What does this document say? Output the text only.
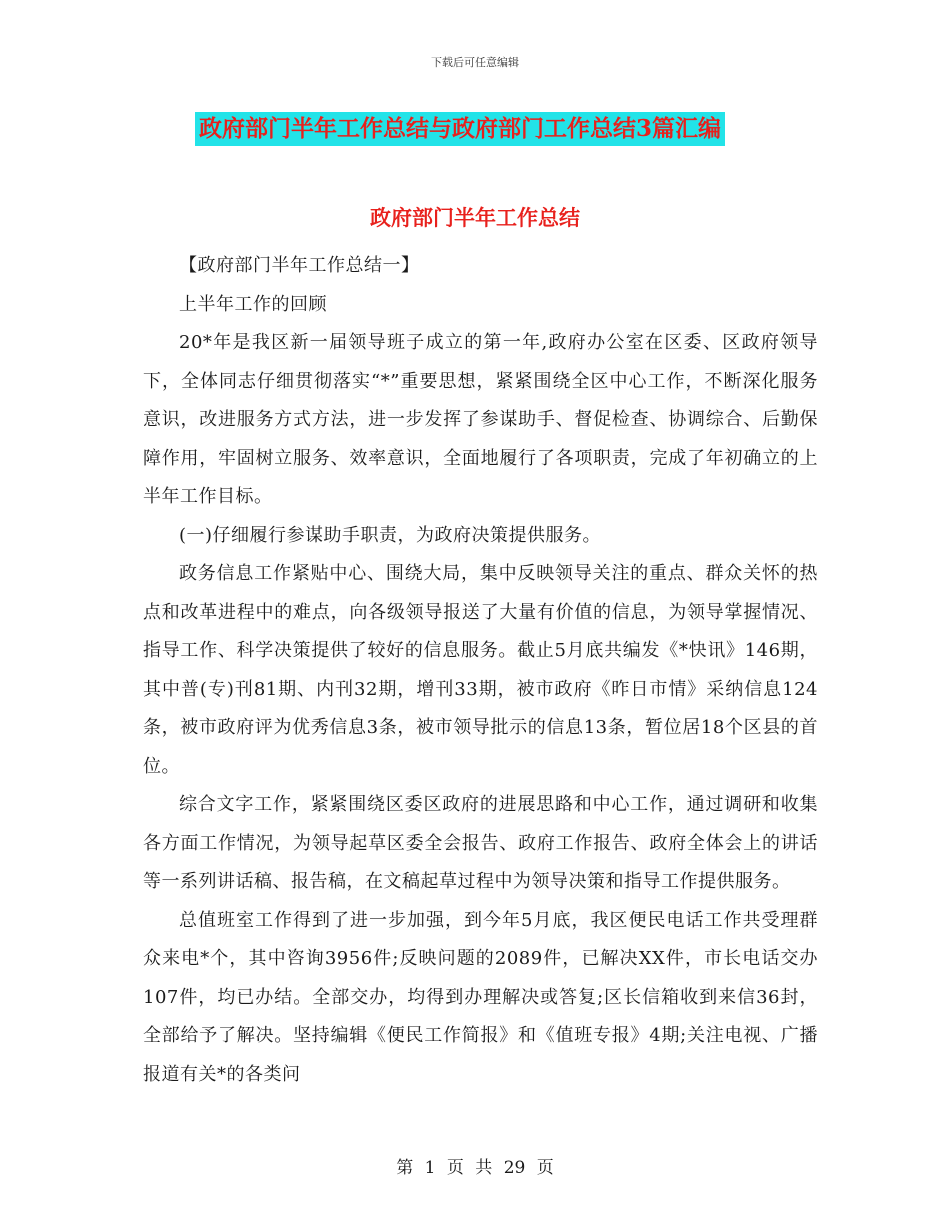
下载后可任意编辑
政府部门半年工作总结与政府部门工作总结3篇汇编
政府部门半年工作总结

【政府部门半年工作总结一】

上半年工作的回顾

20*年是我区新一届领导班子成立的第一年,政府办公室在区委、区政府领导下，全体同志仔细贯彻落实“*”重要思想，紧紧围绕全区中心工作，不断深化服务意识，改进服务方式方法，进一步发挥了参谋助手、督促检查、协调综合、后勤保障作用，牢固树立服务、效率意识，全面地履行了各项职责，完成了年初确立的上半年工作目标。

(一)仔细履行参谋助手职责，为政府决策提供服务。

政务信息工作紧贴中心、围绕大局，集中反映领导关注的重点、群众关怀的热点和改革进程中的难点，向各级领导报送了大量有价值的信息，为领导掌握情况、指导工作、科学决策提供了较好的信息服务。截止5月底共编发《*快讯》146期，其中普(专)刊81期、内刊32期，增刊33期，被市政府《昨日市情》采纳信息124条，被市政府评为优秀信息3条，被市领导批示的信息13条，暂位居18个区县的首位。

综合文字工作，紧紧围绕区委区政府的进展思路和中心工作，通过调研和收集各方面工作情况，为领导起草区委全会报告、政府工作报告、政府全体会上的讲话等一系列讲话稿、报告稿，在文稿起草过程中为领导决策和指导工作提供服务。

总值班室工作得到了进一步加强，到今年5月底，我区便民电话工作共受理群众来电*个，其中咨询3956件;反映问题的2089件，已解决XX件，市长电话交办107件，均已办结。全部交办，均得到办理解决或答复;区长信箱收到来信36封，全部给予了解决。坚持编辑《便民工作简报》和《值班专报》4期;关注电视、广播报道有关*的各类问

第 1 页 共 29 页
